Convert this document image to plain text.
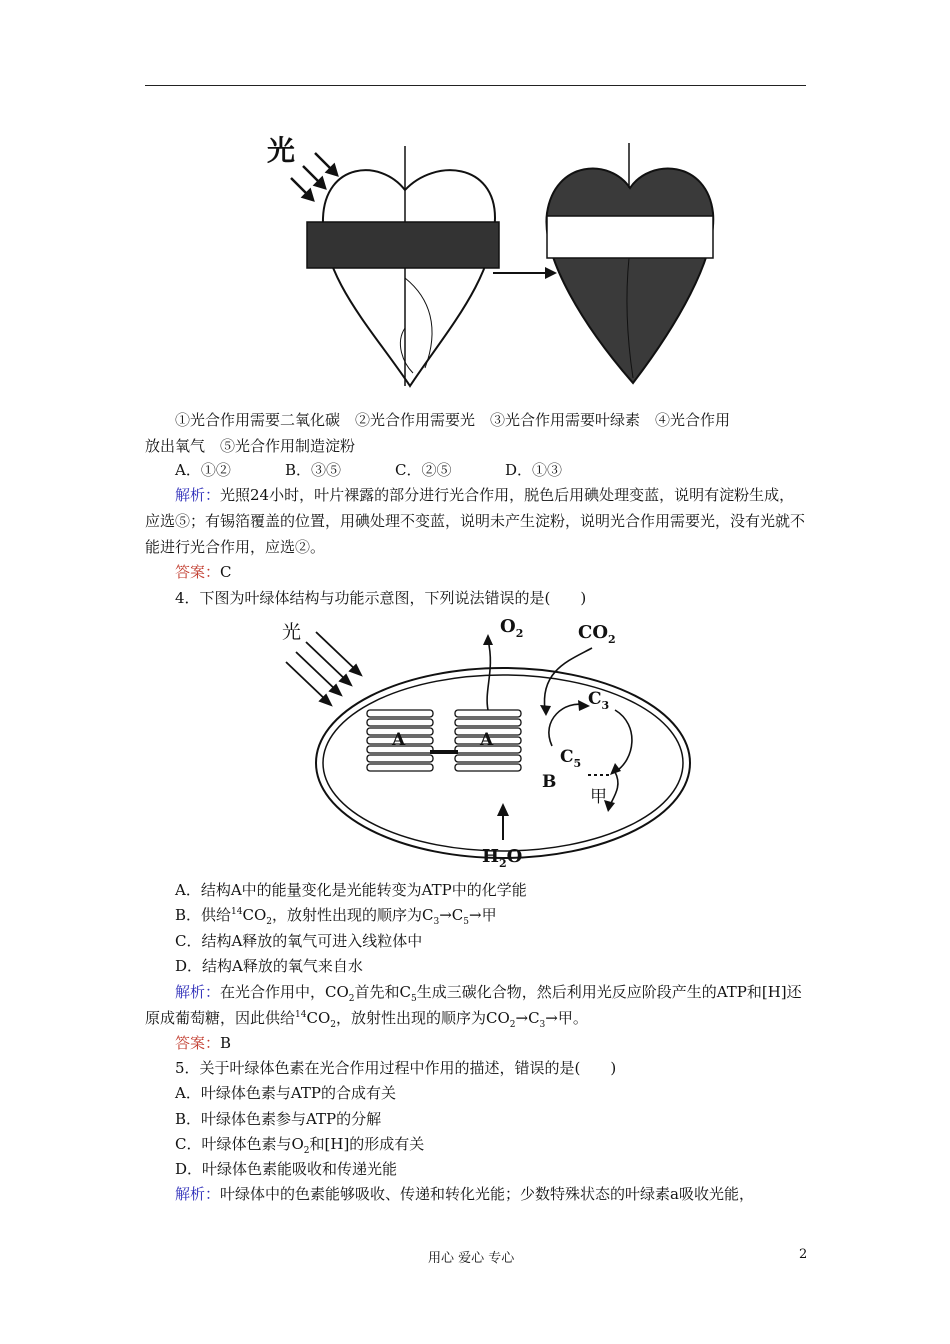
光
①光合作用需要二氧化碳　②光合作用需要光　③光合作用需要叶绿素　④光合作用
放出氧气　⑤光合作用制造淀粉
A．①②	B．③⑤	C．②⑤	D．①③
解析：光照24小时，叶片裸露的部分进行光合作用，脱色后用碘处理变蓝，说明有淀粉生成，应选⑤；有锡箔覆盖的位置，用碘处理不变蓝，说明未产生淀粉，说明光合作用需要光，没有光就不能进行光合作用，应选②。
答案：C
4．下图为叶绿体结构与功能示意图，下列说法错误的是(　　)
光
A	A
$O_2$	$CO_2$
$C_3$
$C_5$
B
甲
$H_2O$
A．结构A中的能量变化是光能转变为ATP中的化学能
B．供给$^{14}CO_2$，放射性出现的顺序为$C_3\to C_5\to$甲
C．结构A释放的氧气可进入线粒体中
D．结构A释放的氧气来自水
解析：在光合作用中，$CO_2$首先和$C_5$生成三碳化合物，然后利用光反应阶段产生的ATP和[H]还原成葡萄糖，因此供给$^{14}CO_2$，放射性出现的顺序为$CO_2\to C_3\to$甲。
答案：B
5．关于叶绿体色素在光合作用过程中作用的描述，错误的是(　　)
A．叶绿体色素与ATP的合成有关
B．叶绿体色素参与ATP的分解
C．叶绿体色素与$O_2$和[H]的形成有关
D．叶绿体色素能吸收和传递光能
解析：叶绿体中的色素能够吸收、传递和转化光能；少数特殊状态的叶绿素a吸收光能，
用心 爱心 专心	2
